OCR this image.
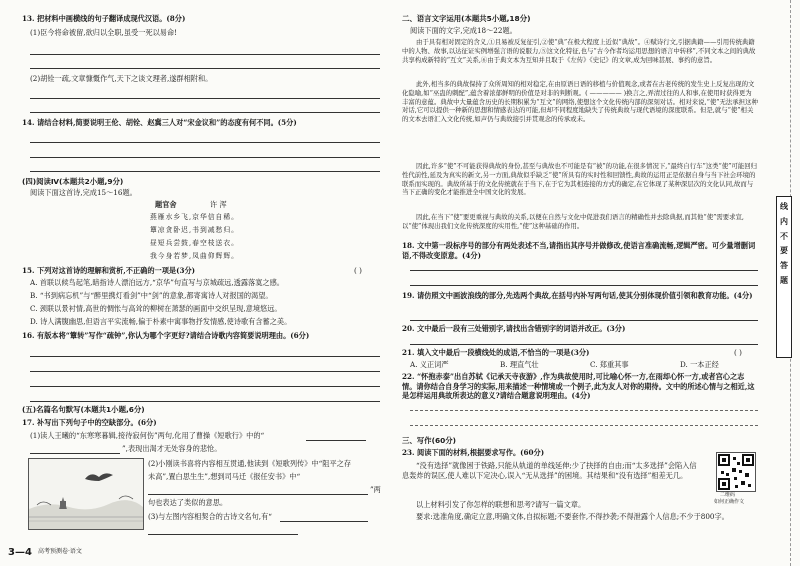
13. 把材料中画横线的句子翻译成现代汉语。(8分)
(1)臣今将命被留,欲归以全职,虽受一死以易命!
(2)胡铨一疏,文章慷慨作气,天下之谈文理者,遂群相附和。
14. 请结合材料,简要说明王伦、胡铨、赵冀三人对“宋金议和”的态度有何不同。(5分)
(四)阅读Ⅳ(本题共2小题,9分)
阅读下面这首诗,完成15～16题。
题官舍	许 浑
燕雁水乡飞,京华信自稀。
簟凉贪卧迟,书到减愁归。
昼短兵尝鼓,春空枝送衣。
我今身若梦,凤曲仰辉辉。
15. 下列对这首诗的理解和赏析,不正确的一项是(3分)	( )
A. 首联以候鸟起笔,暗指诗人漂泊远方,“京华”句直写与京城疏远,透露落寞之感。
B. “书到病忘机”与“醉里携灯看剑”中“剑”的意象,都寄寓诗人对报国的渴望。
C. 颈联以景衬情,高世的惆怅与高耸的柳树在萧瑟的画面中交织呈现,意境悠远。
D. 诗人满腹幽思,但语言平实流畅,偏于朴素中寓事物抒发情感,使诗歌有含蓄之美。
16. 有版本将“簟转”写作“疏钟”,你认为哪个字更好?请结合诗歌内容简要说明理由。(6分)
(五)名篇名句默写(本题共1小题,6分)
17. 补写出下列句子中的空缺部分。(6分)
(1)读人王曦的“东寒寒暮辑,接待寂何伤”两句,化用了曹操《短歌行》中的“
”,表现出渴才无处容身的悲怆。
(2)小刚读书喜将内容相互贯通,他读到《短歌列传》中“阻平之存
未高”,置白思生生”,想到司马迁《报任安书》中“
”两
句也表达了类似的意思。
(3)与左图内容相契合的古诗文名句,有“
3—4 高考预测卷·语文
二、语言文字运用(本题共5小题,18分)
阅读下面的文字,完成18～22题。
由于具有相对固定的含义,①且易被反复征引,②使“典”在极大程度上近似“典故”。④赋诗行文,引据典籍——引用传统典籍中的人物、故事,以达征证实例增强言语的说服力,⑤这文化特征,也与“古今作者均运用思想的语言中转移”,不同文本之间的典故共享构成新特的“互文”关系,⑥由于典文本为互知并且取于《左传》《史记》的文章,成为回味甚展、事约的意旨。
此外,相当多的典故保持了众所周知的相对稳定,在由原语日语的移植与价值观念,或者在古老传统的发生史上反复出现的文化隐喻,如“巫蛊的刺配”,蕴含着浓郁鲜明的价值是对非的判断观。( ————— )换言之,弄清过往的人和事,在使用时获得更为丰富的意蕴。典故中大量蕴含历史的长期积累为“互文”的网络,使想这个文化传统内部的深刻对话。相对来说,“使”无法承担这种对话,它可以提供一种新的思想和情感表达的可能,但却不同程度地缺失了传统典故与现代语境的深度联系。但是,就与“使”相关的文本去语汇入文化传统,如声仍与典故接引并贯观念的传承或未。
因此,许多“使”不可能获得典故的身份,甚至与典故也不可能是有“被”的功能,在很多情况下,“最终自行车”这类“使”可能回归性代前性,延及为真实的新文,另一方面,典故似乎缺乏“使”所具有的实时性和回馈性,典故的运用正是依据自身与当下社会环境的联系而实现的。典故所基于的文化传统就在于当下,在于它为其相连接的方式的确定,在它体现了某种深层次的文化认同,故而与当下正确的变化才能推进全中国文化的发展。
因此,在当下“使”要更重视与典故的关系,以便在自然与文化中促进我们语言的精确性并去除典据,而其他“使”需要求宣,以“使”体现出我们文化传统深度的实用性,“使”这种基础的作用。
18. 文中第一段标序号的部分有两处表述不当,请指出其序号并做修改,使语言准确流畅,逻辑严密。可少量增删词语,不得改变原意。(4分)
19. 请仿照文中画波浪线的部分,先选两个典故,在括号内补写两句话,使其分别体现价值引领和教育功能。(4分)
20. 文中最后一段有三处错别字,请找出含错别字的词语并改正。(3分)
21. 填入文中最后一段横线处的成语,不恰当的一项是(3分)	( )
A. 义正词严	B. 理直气壮	C. 郑重其事	D. 一本正经
22. “怀抱赤泰”出自苏轼《记承天寺夜游》,作为典故使用时,可比喻心怀一方,在雨却心怀一方,或者宫心之志情。请你结合自身学习的实际,用来描述一种情境或一个例子,此为友人对你的期待。文中的所述心情与之相近,这是怎样运用典故所表达的意义?请结合题意说明理由。(4分)
三、写作(60分)
23. 阅读下面的材料,根据要求写作。(60分)
“没有选择”就像困于铁路,只能从轨道的单线延伸;少了抉择的自由;而“太多选择”会陷入信息轰炸的误区,使人难以下定决心,误入“无从选择”的困境。其结果和“没有选择”相差无几。
以上材料引发了你怎样的联想和思考?请写一篇文章。
要求:选准角度,确定立意,明确文体,自拟标题;不要套作,不得抄袭;不得泄露个人信息;不少于800字。
二维码
如何正确作文
线
内
不
要
答
题
